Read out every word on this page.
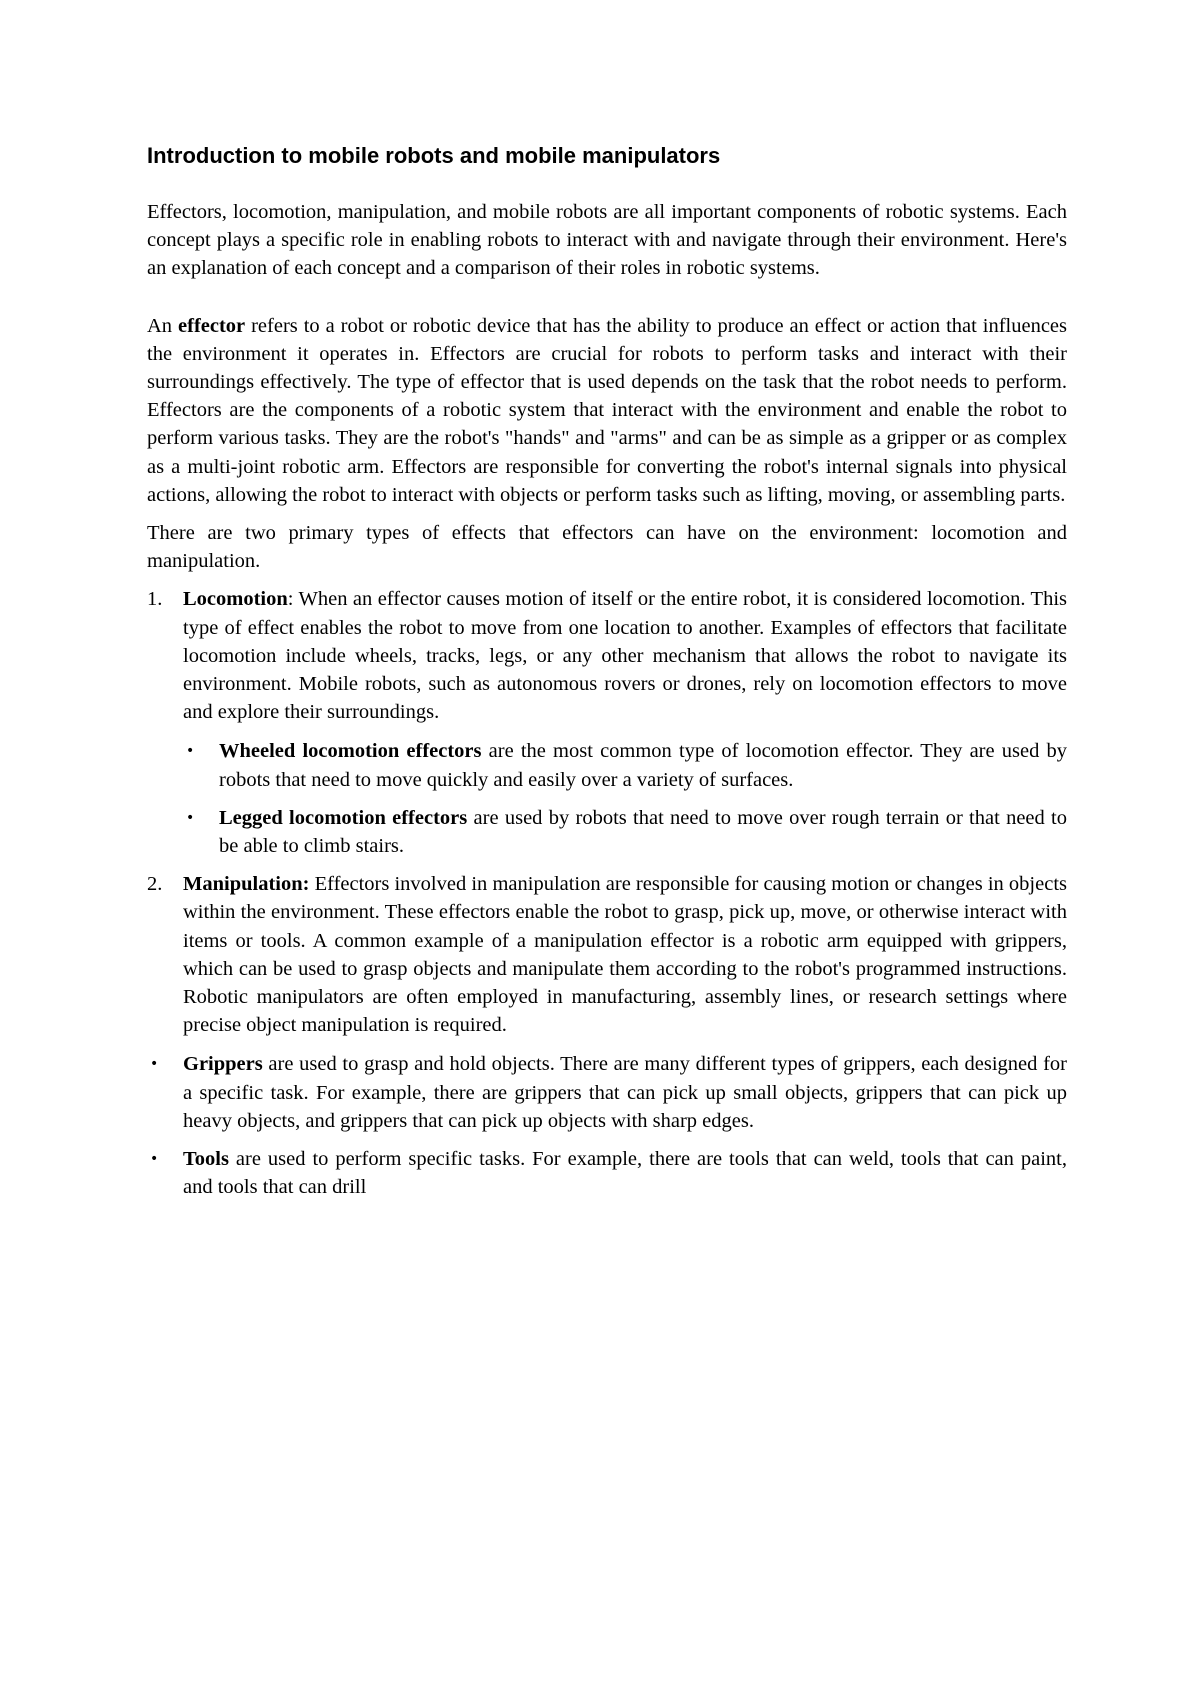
Introduction to mobile robots and mobile manipulators

Effectors, locomotion, manipulation, and mobile robots are all important components of robotic systems. Each concept plays a specific role in enabling robots to interact with and navigate through their environment. Here's an explanation of each concept and a comparison of their roles in robotic systems.

An effector refers to a robot or robotic device that has the ability to produce an effect or action that influences the environment it operates in. Effectors are crucial for robots to perform tasks and interact with their surroundings effectively. The type of effector that is used depends on the task that the robot needs to perform. Effectors are the components of a robotic system that interact with the environment and enable the robot to perform various tasks. They are the robot's "hands" and "arms" and can be as simple as a gripper or as complex as a multi-joint robotic arm. Effectors are responsible for converting the robot's internal signals into physical actions, allowing the robot to interact with objects or perform tasks such as lifting, moving, or assembling parts.

There are two primary types of effects that effectors can have on the environment: locomotion and manipulation.

1. Locomotion: When an effector causes motion of itself or the entire robot, it is considered locomotion. This type of effect enables the robot to move from one location to another. Examples of effectors that facilitate locomotion include wheels, tracks, legs, or any other mechanism that allows the robot to navigate its environment. Mobile robots, such as autonomous rovers or drones, rely on locomotion effectors to move and explore their surroundings.

• Wheeled locomotion effectors are the most common type of locomotion effector. They are used by robots that need to move quickly and easily over a variety of surfaces.

• Legged locomotion effectors are used by robots that need to move over rough terrain or that need to be able to climb stairs.

2. Manipulation: Effectors involved in manipulation are responsible for causing motion or changes in objects within the environment. These effectors enable the robot to grasp, pick up, move, or otherwise interact with items or tools. A common example of a manipulation effector is a robotic arm equipped with grippers, which can be used to grasp objects and manipulate them according to the robot's programmed instructions. Robotic manipulators are often employed in manufacturing, assembly lines, or research settings where precise object manipulation is required.

• Grippers are used to grasp and hold objects. There are many different types of grippers, each designed for a specific task. For example, there are grippers that can pick up small objects, grippers that can pick up heavy objects, and grippers that can pick up objects with sharp edges.

• Tools are used to perform specific tasks. For example, there are tools that can weld, tools that can paint, and tools that can drill
